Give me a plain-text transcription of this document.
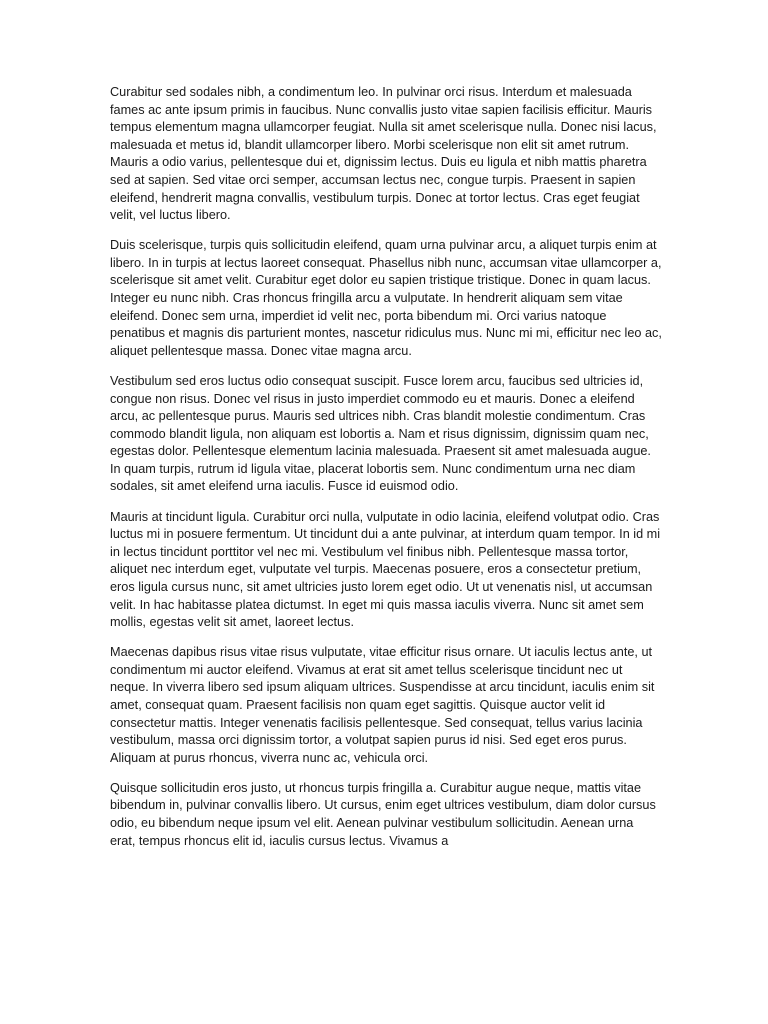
Curabitur sed sodales nibh, a condimentum leo. In pulvinar orci risus. Interdum et malesuada fames ac ante ipsum primis in faucibus. Nunc convallis justo vitae sapien facilisis efficitur. Mauris tempus elementum magna ullamcorper feugiat. Nulla sit amet scelerisque nulla. Donec nisi lacus, malesuada et metus id, blandit ullamcorper libero. Morbi scelerisque non elit sit amet rutrum. Mauris a odio varius, pellentesque dui et, dignissim lectus. Duis eu ligula et nibh mattis pharetra sed at sapien. Sed vitae orci semper, accumsan lectus nec, congue turpis. Praesent in sapien eleifend, hendrerit magna convallis, vestibulum turpis. Donec at tortor lectus. Cras eget feugiat velit, vel luctus libero.

Duis scelerisque, turpis quis sollicitudin eleifend, quam urna pulvinar arcu, a aliquet turpis enim at libero. In in turpis at lectus laoreet consequat. Phasellus nibh nunc, accumsan vitae ullamcorper a, scelerisque sit amet velit. Curabitur eget dolor eu sapien tristique tristique. Donec in quam lacus. Integer eu nunc nibh. Cras rhoncus fringilla arcu a vulputate. In hendrerit aliquam sem vitae eleifend. Donec sem urna, imperdiet id velit nec, porta bibendum mi. Orci varius natoque penatibus et magnis dis parturient montes, nascetur ridiculus mus. Nunc mi mi, efficitur nec leo ac, aliquet pellentesque massa. Donec vitae magna arcu.

Vestibulum sed eros luctus odio consequat suscipit. Fusce lorem arcu, faucibus sed ultricies id, congue non risus. Donec vel risus in justo imperdiet commodo eu et mauris. Donec a eleifend arcu, ac pellentesque purus. Mauris sed ultrices nibh. Cras blandit molestie condimentum. Cras commodo blandit ligula, non aliquam est lobortis a. Nam et risus dignissim, dignissim quam nec, egestas dolor. Pellentesque elementum lacinia malesuada. Praesent sit amet malesuada augue. In quam turpis, rutrum id ligula vitae, placerat lobortis sem. Nunc condimentum urna nec diam sodales, sit amet eleifend urna iaculis. Fusce id euismod odio.

Mauris at tincidunt ligula. Curabitur orci nulla, vulputate in odio lacinia, eleifend volutpat odio. Cras luctus mi in posuere fermentum. Ut tincidunt dui a ante pulvinar, at interdum quam tempor. In id mi in lectus tincidunt porttitor vel nec mi. Vestibulum vel finibus nibh. Pellentesque massa tortor, aliquet nec interdum eget, vulputate vel turpis. Maecenas posuere, eros a consectetur pretium, eros ligula cursus nunc, sit amet ultricies justo lorem eget odio. Ut ut venenatis nisl, ut accumsan velit. In hac habitasse platea dictumst. In eget mi quis massa iaculis viverra. Nunc sit amet sem mollis, egestas velit sit amet, laoreet lectus.

Maecenas dapibus risus vitae risus vulputate, vitae efficitur risus ornare. Ut iaculis lectus ante, ut condimentum mi auctor eleifend. Vivamus at erat sit amet tellus scelerisque tincidunt nec ut neque. In viverra libero sed ipsum aliquam ultrices. Suspendisse at arcu tincidunt, iaculis enim sit amet, consequat quam. Praesent facilisis non quam eget sagittis. Quisque auctor velit id consectetur mattis. Integer venenatis facilisis pellentesque. Sed consequat, tellus varius lacinia vestibulum, massa orci dignissim tortor, a volutpat sapien purus id nisi. Sed eget eros purus. Aliquam at purus rhoncus, viverra nunc ac, vehicula orci.

Quisque sollicitudin eros justo, ut rhoncus turpis fringilla a. Curabitur augue neque, mattis vitae bibendum in, pulvinar convallis libero. Ut cursus, enim eget ultrices vestibulum, diam dolor cursus odio, eu bibendum neque ipsum vel elit. Aenean pulvinar vestibulum sollicitudin. Aenean urna erat, tempus rhoncus elit id, iaculis cursus lectus. Vivamus a
